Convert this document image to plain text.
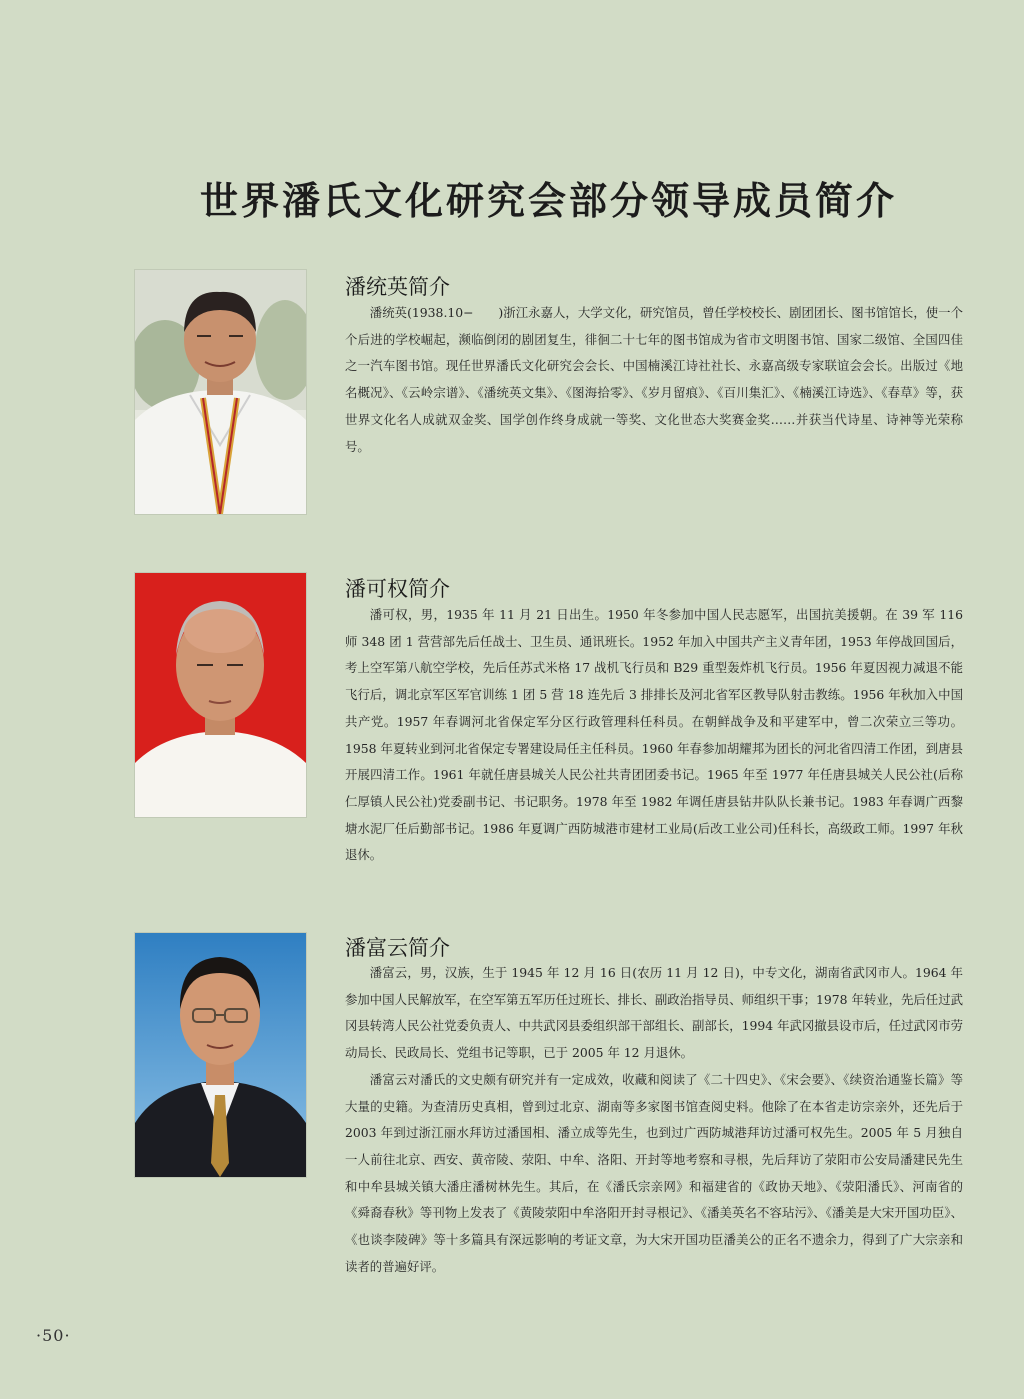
世界潘氏文化研究会部分领导成员简介
潘统英简介

潘统英(1938.10−　　)浙江永嘉人，大学文化，研究馆员，曾任学校校长、剧团团长、图书馆馆长，使一个个后进的学校崛起，濒临倒闭的剧团复生，徘徊二十七年的图书馆成为省市文明图书馆、国家二级馆、全国四佳之一汽车图书馆。现任世界潘氏文化研究会会长、中国楠溪江诗社社长、永嘉高级专家联谊会会长。出版过《地名概况》、《云岭宗谱》、《潘统英文集》、《图海拾零》、《岁月留痕》、《百川集汇》、《楠溪江诗选》、《春草》等，获世界文化名人成就双金奖、国学创作终身成就一等奖、文化世态大奖赛金奖……并获当代诗星、诗神等光荣称号。

潘可权简介

潘可权，男，1935 年 11 月 21 日出生。1950 年冬参加中国人民志愿军，出国抗美援朝。在 39 军 116 师 348 团 1 营营部先后任战士、卫生员、通讯班长。1952 年加入中国共产主义青年团，1953 年停战回国后，考上空军第八航空学校，先后任苏式米格 17 战机飞行员和 B29 重型轰炸机飞行员。1956 年夏因视力减退不能飞行后，调北京军区军官训练 1 团 5 营 18 连先后 3 排排长及河北省军区教导队射击教练。1956 年秋加入中国共产党。1957 年春调河北省保定军分区行政管理科任科员。在朝鲜战争及和平建军中，曾二次荣立三等功。1958 年夏转业到河北省保定专署建设局任主任科员。1960 年春参加胡耀邦为团长的河北省四清工作团，到唐县开展四清工作。1961 年就任唐县城关人民公社共青团团委书记。1965 年至 1977 年任唐县城关人民公社(后称仁厚镇人民公社)党委副书记、书记职务。1978 年至 1982 年调任唐县钻井队队长兼书记。1983 年春调广西黎塘水泥厂任后勤部书记。1986 年夏调广西防城港市建材工业局(后改工业公司)任科长，高级政工师。1997 年秋退休。

潘富云简介

潘富云，男，汉族，生于 1945 年 12 月 16 日(农历 11 月 12 日)，中专文化，湖南省武冈市人。1964 年参加中国人民解放军，在空军第五军历任过班长、排长、副政治指导员、师组织干事；1978 年转业，先后任过武冈县转湾人民公社党委负责人、中共武冈县委组织部干部组长、副部长，1994 年武冈撤县设市后，任过武冈市劳动局长、民政局长、党组书记等职，已于 2005 年 12 月退休。

潘富云对潘氏的文史颇有研究并有一定成效，收藏和阅读了《二十四史》、《宋会要》、《续资治通鉴长篇》等大量的史籍。为查清历史真相，曾到过北京、湖南等多家图书馆查阅史料。他除了在本省走访宗亲外，还先后于 2003 年到过浙江丽水拜访过潘国相、潘立成等先生，也到过广西防城港拜访过潘可权先生。2005 年 5 月独自一人前往北京、西安、黄帝陵、荥阳、中牟、洛阳、开封等地考察和寻根，先后拜访了荥阳市公安局潘建民先生和中牟县城关镇大潘庄潘树林先生。其后，在《潘氏宗亲网》和福建省的《政协天地》、《荥阳潘氏》、河南省的《舜裔春秋》等刊物上发表了《黄陵荥阳中牟洛阳开封寻根记》、《潘美英名不容玷污》、《潘美是大宋开国功臣》、《也谈李陵碑》等十多篇具有深远影响的考证文章，为大宋开国功臣潘美公的正名不遗余力，得到了广大宗亲和读者的普遍好评。

·50·
